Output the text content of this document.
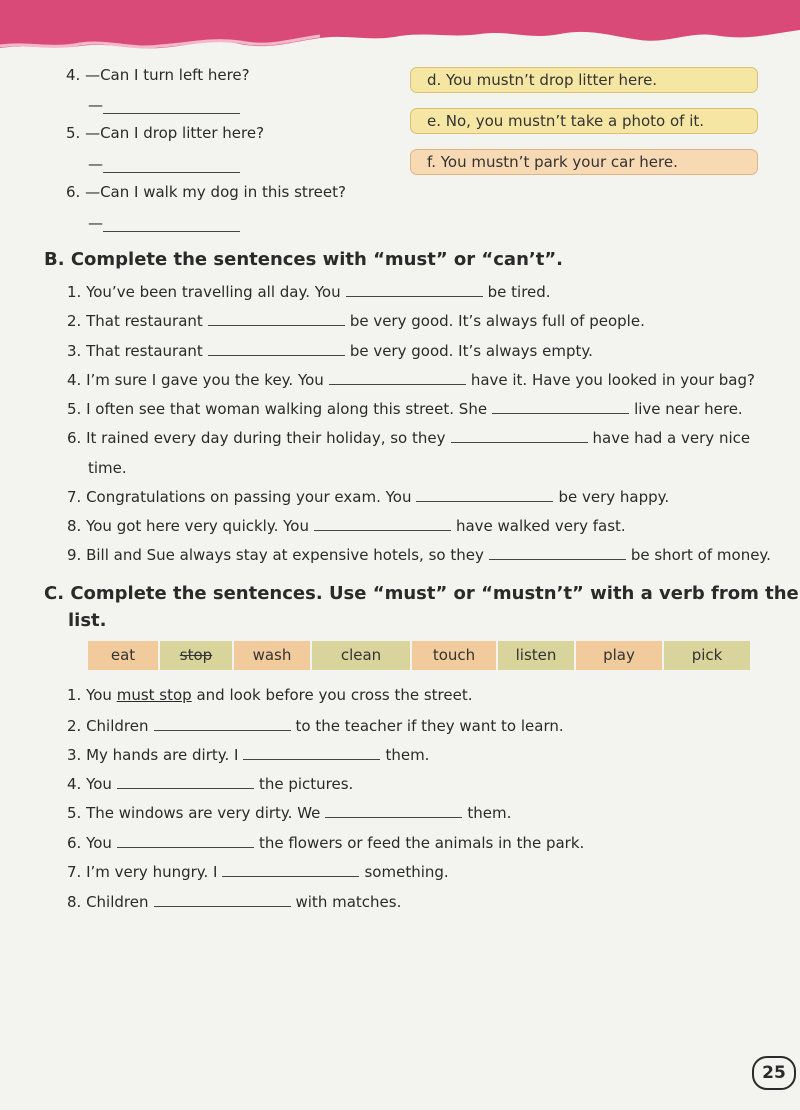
4. —Can I turn left here?
—
5. —Can I drop litter here?
—
6. —Can I walk my dog in this street?
—
d. You mustn’t drop litter here.
e. No, you mustn’t take a photo of it.
f. You mustn’t park your car here.
B. Complete the sentences with “must” or “can’t”.
1. You’ve been travelling all day. You	be tired.
2. That restaurant	be very good. It’s always full of people.
3. That restaurant	be very good. It’s always empty.
4. I’m sure I gave you the key. You	have it. Have you looked in your bag?
5. I often see that woman walking along this street. She	live near here.
6. It rained every day during their holiday, so they	have had a very nice
time.
7. Congratulations on passing your exam. You	be very happy.
8. You got here very quickly. You	have walked very fast.
9. Bill and Sue always stay at expensive hotels, so they	be short of money.
C. Complete the sentences. Use “must” or “mustn’t” with a verb from the
list.
eat	stop	wash	clean	touch	listen	play	pick
1. You must stop and look before you cross the street.
2. Children	to the teacher if they want to learn.
3. My hands are dirty. I	them.
4. You	the pictures.
5. The windows are very dirty. We	them.
6. You	the flowers or feed the animals in the park.
7. I’m very hungry. I	something.
8. Children	with matches.
25
